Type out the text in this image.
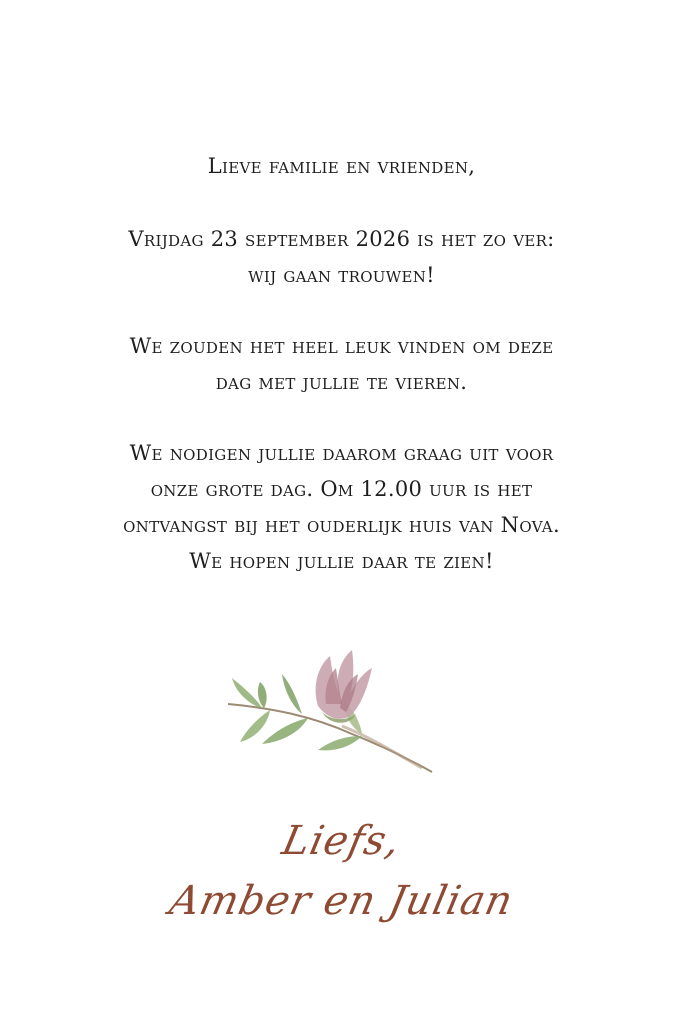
Lieve familie en vrienden,
Vrijdag 23 september 2026 is het zo ver:
wij gaan trouwen!
We zouden het heel leuk vinden om deze
dag met jullie te vieren.
We nodigen jullie daarom graag uit voor
onze grote dag. Om 12.00 uur is het
ontvangst bij het ouderlijk huis van Nova.
We hopen jullie daar te zien!
Liefs,
Amber en Julian
